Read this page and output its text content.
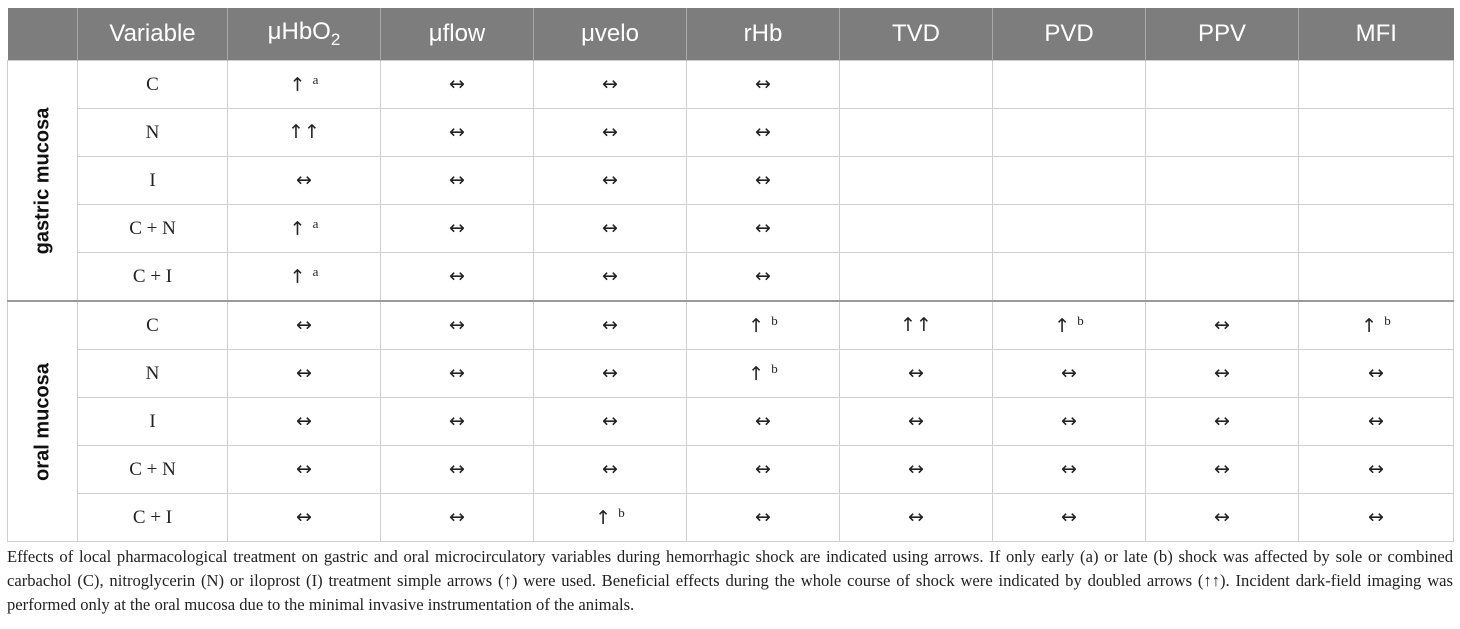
	Variable	μHbO$_2$	μflow	μvelo	rHb	TVD	PVD	PPV	MFI

gastric mucosa	C	↑ $^a$	↔	↔	↔				
	N	↑↑	↔	↔	↔				
	I	↔	↔	↔	↔				
	C + N	↑ $^a$	↔	↔	↔				
	C + I	↑ $^a$	↔	↔	↔				

oral mucosa	C	↔	↔	↔	↑ $^b$	↑↑	↑ $^b$	↔	↑ $^b$
	N	↔	↔	↔	↑ $^b$	↔	↔	↔	↔
	I	↔	↔	↔	↔	↔	↔	↔	↔
	C + N	↔	↔	↔	↔	↔	↔	↔	↔
	C + I	↔	↔	↑ $^b$	↔	↔	↔	↔	↔

Effects of local pharmacological treatment on gastric and oral microcirculatory variables during hemorrhagic shock are indicated using arrows. If only early (a) or late (b) shock was affected by sole or combined carbachol (C), nitroglycerin (N) or iloprost (I) treatment simple arrows (↑) were used. Beneficial effects during the whole course of shock were indicated by doubled arrows (↑↑). Incident dark-field imaging was performed only at the oral mucosa due to the minimal invasive instrumentation of the animals.
